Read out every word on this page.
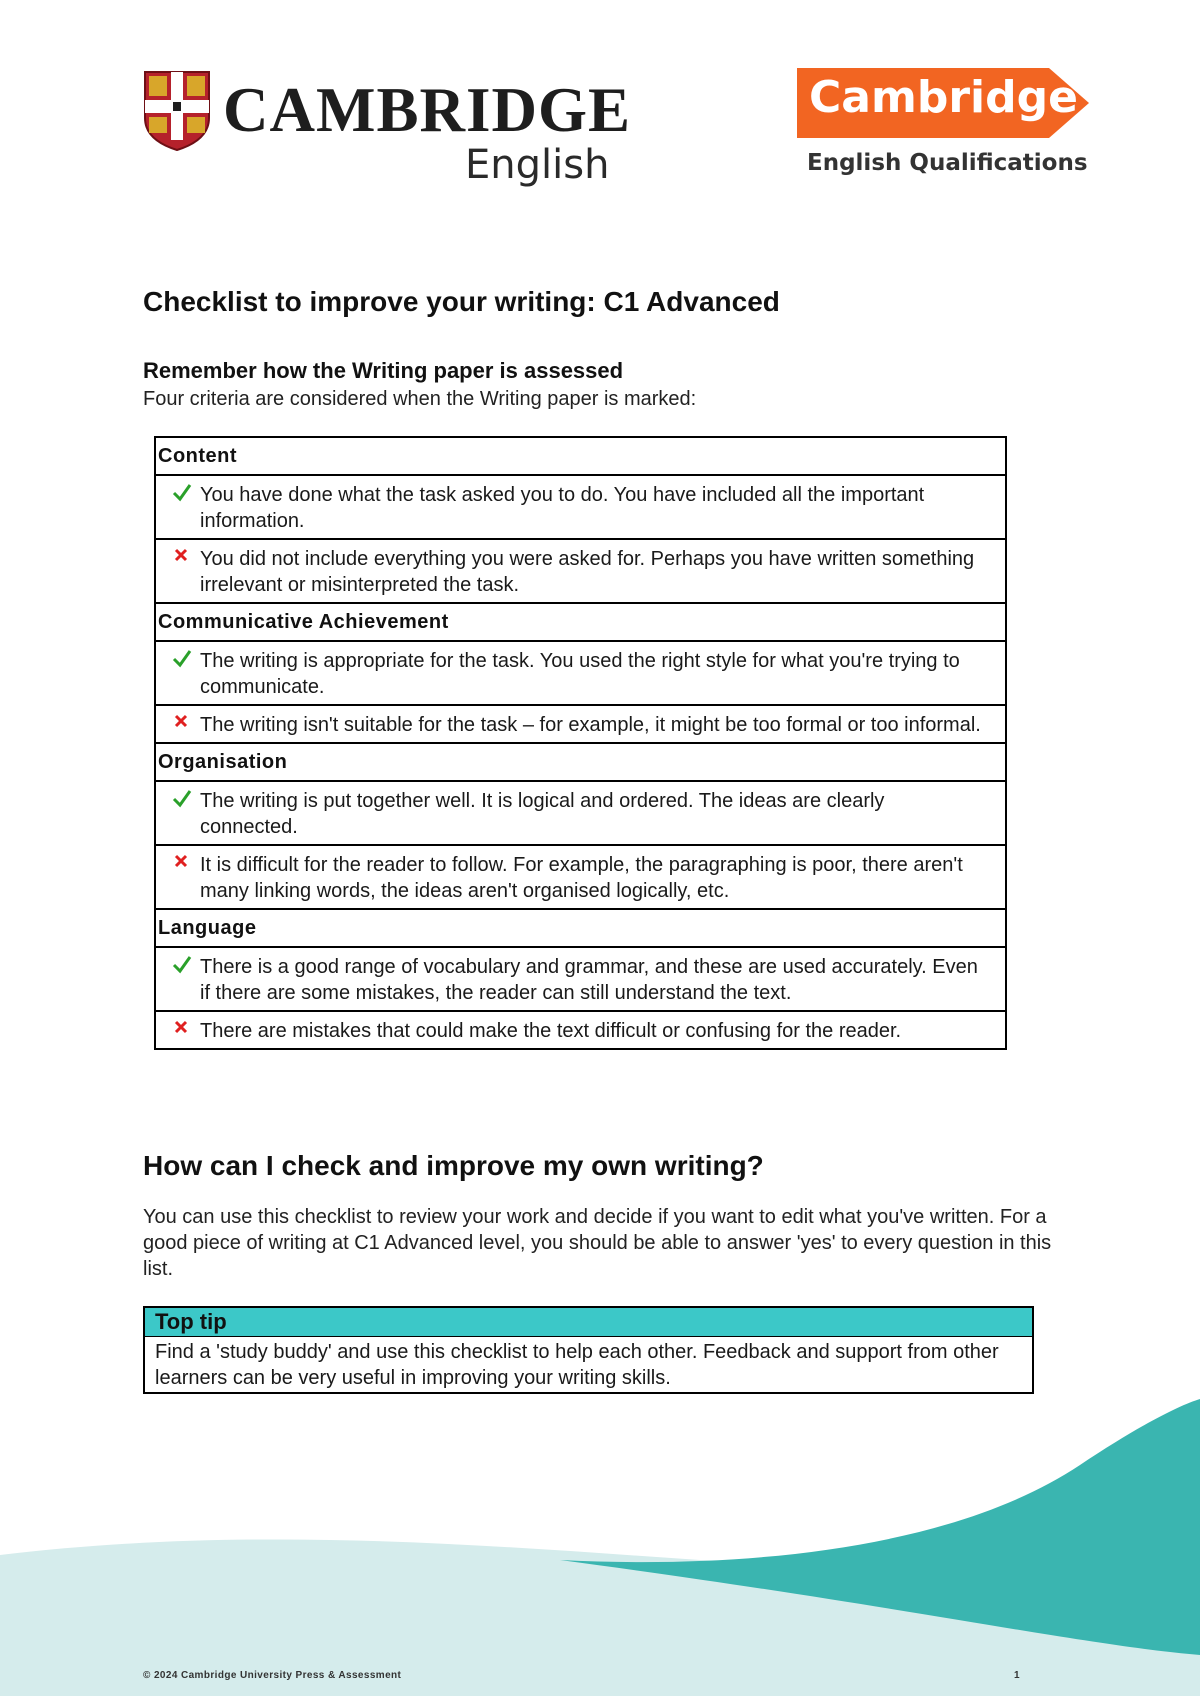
CAMBRIDGE
English
Cambridge
English Qualifications
Checklist to improve your writing: C1 Advanced
Remember how the Writing paper is assessed

Four criteria are considered when the Writing paper is marked:

Content

You have done what the task asked you to do. You have included all the important information.

You did not include everything you were asked for. Perhaps you have written something irrelevant or misinterpreted the task.

Communicative Achievement

The writing is appropriate for the task. You used the right style for what you're trying to communicate.

The writing isn't suitable for the task – for example, it might be too formal or too informal.

Organisation

The writing is put together well. It is logical and ordered. The ideas are clearly connected.

It is difficult for the reader to follow. For example, the paragraphing is poor, there aren't many linking words, the ideas aren't organised logically, etc.

Language

There is a good range of vocabulary and grammar, and these are used accurately. Even if there are some mistakes, the reader can still understand the text.

There are mistakes that could make the text difficult or confusing for the reader.

How can I check and improve my own writing?

You can use this checklist to review your work and decide if you want to edit what you've written. For a good piece of writing at C1 Advanced level, you should be able to answer 'yes' to every question in this list.

Top tip

Find a 'study buddy' and use this checklist to help each other. Feedback and support from other learners can be very useful in improving your writing skills.

© 2024 Cambridge University Press & Assessment	1
